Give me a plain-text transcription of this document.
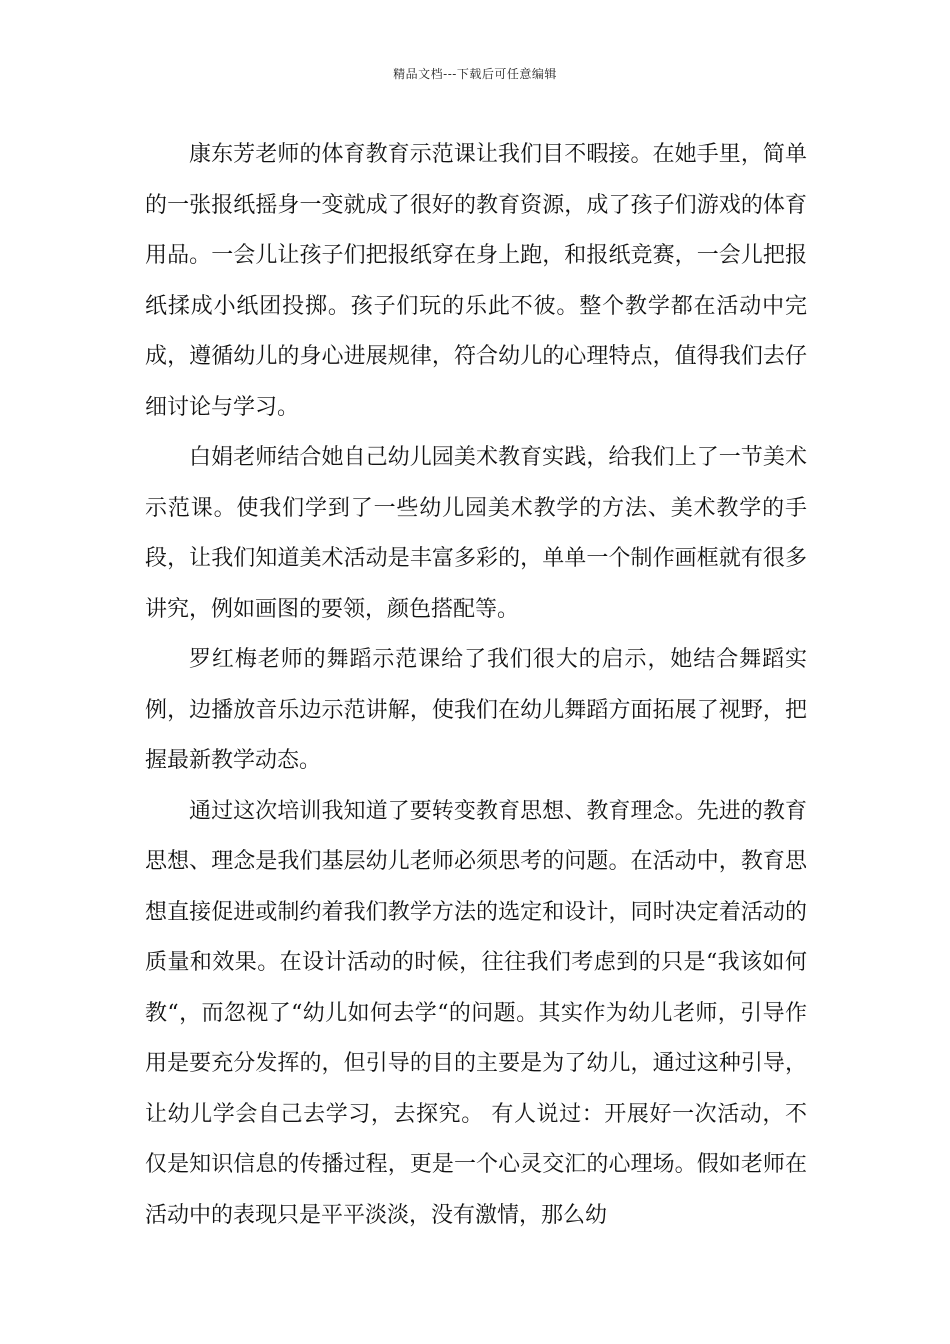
精品文档---下载后可任意编辑

康东芳老师的体育教育示范课让我们目不暇接。在她手里，简单的一张报纸摇身一变就成了很好的教育资源，成了孩子们游戏的体育用品。一会儿让孩子们把报纸穿在身上跑，和报纸竞赛，一会儿把报纸揉成小纸团投掷。孩子们玩的乐此不彼。整个教学都在活动中完成，遵循幼儿的身心进展规律，符合幼儿的心理特点，值得我们去仔细讨论与学习。

白娟老师结合她自己幼儿园美术教育实践，给我们上了一节美术示范课。使我们学到了一些幼儿园美术教学的方法、美术教学的手段，让我们知道美术活动是丰富多彩的，单单一个制作画框就有很多讲究，例如画图的要领，颜色搭配等。

罗红梅老师的舞蹈示范课给了我们很大的启示，她结合舞蹈实例，边播放音乐边示范讲解，使我们在幼儿舞蹈方面拓展了视野，把握最新教学动态。

通过这次培训我知道了要转变教育思想、教育理念。先进的教育思想、理念是我们基层幼儿老师必须思考的问题。在活动中，教育思想直接促进或制约着我们教学方法的选定和设计，同时决定着活动的质量和效果。在设计活动的时候，往往我们考虑到的只是“我该如何教“，而忽视了“幼儿如何去学“的问题。其实作为幼儿老师，引导作用是要充分发挥的，但引导的目的主要是为了幼儿，通过这种引导，让幼儿学会自己去学习，去探究。 有人说过：开展好一次活动，不仅是知识信息的传播过程，更是一个心灵交汇的心理场。假如老师在活动中的表现只是平平淡淡，没有激情，那么幼
